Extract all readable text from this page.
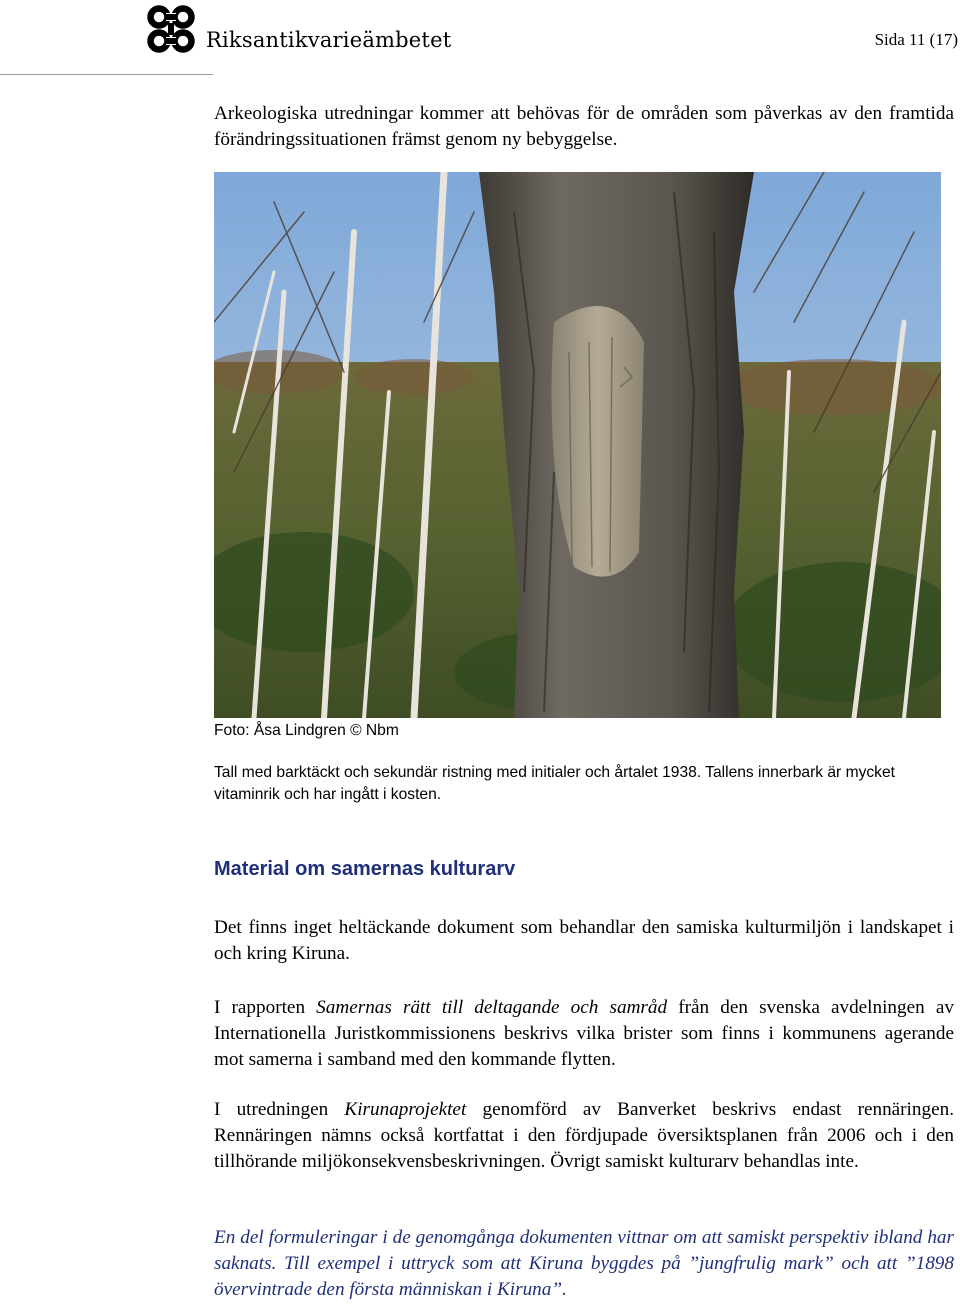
Riksantikvarieämbetet	Sida 11 (17)

Arkeologiska utredningar kommer att behövas för de områden som påverkas av den framtida förändringssituationen främst genom ny bebyggelse.

Foto: Åsa Lindgren © Nbm

Tall med barktäckt och sekundär ristning med initialer och årtalet 1938. Tallens innerbark är mycket vitaminrik och har ingått i kosten.

Material om samernas kulturarv

Det finns inget heltäckande dokument som behandlar den samiska kulturmiljön i landskapet i och kring Kiruna.

I rapporten Samernas rätt till deltagande och samråd från den svenska avdelningen av Internationella Juristkommissionens beskrivs vilka brister som finns i kommunens agerande mot samerna i samband med den kommande flytten.

I utredningen Kirunaprojektet genomförd av Banverket beskrivs endast rennäringen. Rennäringen nämns också kortfattat i den fördjupade översiktsplanen från 2006 och i den tillhörande miljökonsekvensbeskrivningen. Övrigt samiskt kulturarv behandlas inte.

En del formuleringar i de genomgånga dokumenten vittnar om att samiskt perspektiv ibland har saknats. Till exempel i uttryck som att Kiruna byggdes på ”jungfrulig mark” och att ”1898 övervintrade den första människan i Kiruna”.
